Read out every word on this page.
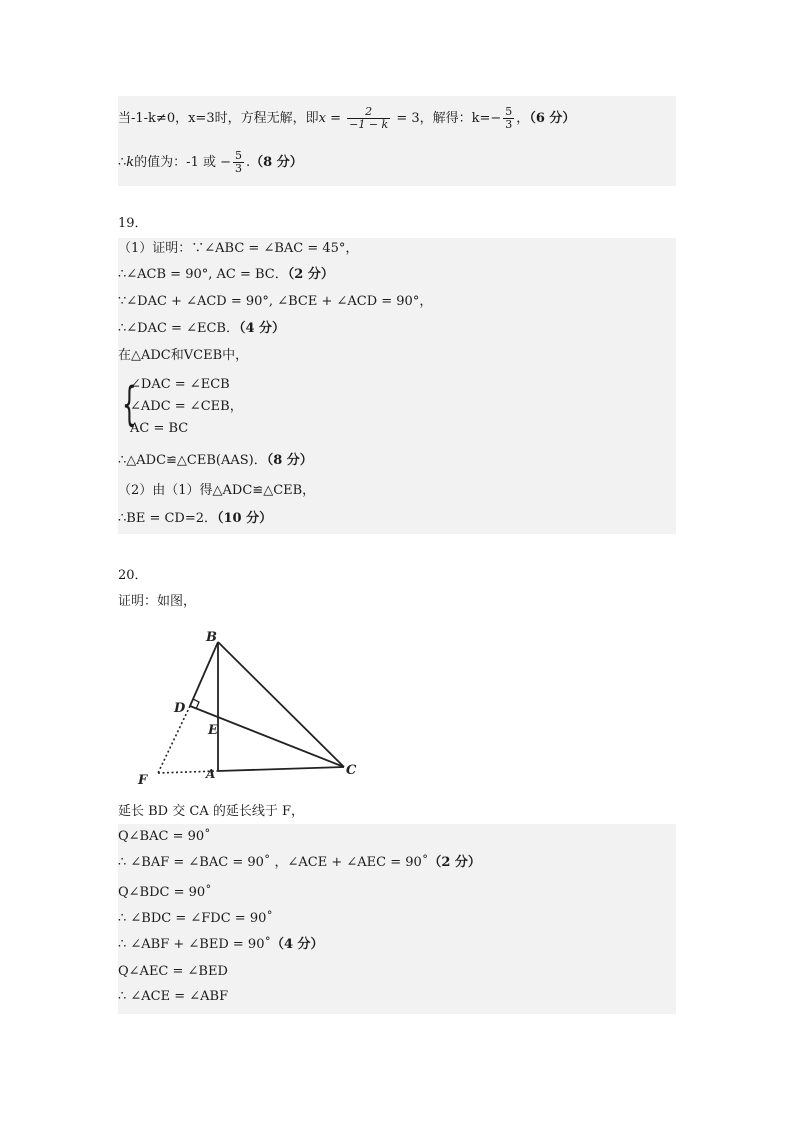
当-1-k≠0，x=3时，方程无解，即$x = \frac{2}{-1 - k} = 3$，解得：$k=- \frac{5}{3}$ ，（6 分）
∴k的值为：-1 或 − $\frac{5}{3} .(8$ 分）
19．
（1）证明：∵∠ABC = ∠BAC = 45°，
∴∠ACB = 90°, AC = BC．（2 分）
∵∠DAC + ∠ACD = 90°, ∠BCE + ∠ACD = 90°，
∴∠DAC = ∠ECB．（4 分）
在△ADC和VCEB中，
{
∠DAC = ∠ECB
∠ADC = ∠CEB，
AC = BC
∴△ADC≌△CEB(AAS)．（8 分）
（2）由（1）得△ADC≌△CEB，
∴BE = CD=2．（10 分）
20．
证明：如图，
B
D
E
F	A	C
延长 BD 交 CA 的延长线于 F，
Q∠BAC = 90˚
∴ ∠BAF = ∠BAC = 90˚ ，∠ACE + ∠AEC = 90˚（2 分）
Q∠BDC = 90˚
∴ ∠BDC = ∠FDC = 90˚
∴ ∠ABF + ∠BED = 90˚（4 分）
Q∠AEC = ∠BED
∴ ∠ACE = ∠ABF
